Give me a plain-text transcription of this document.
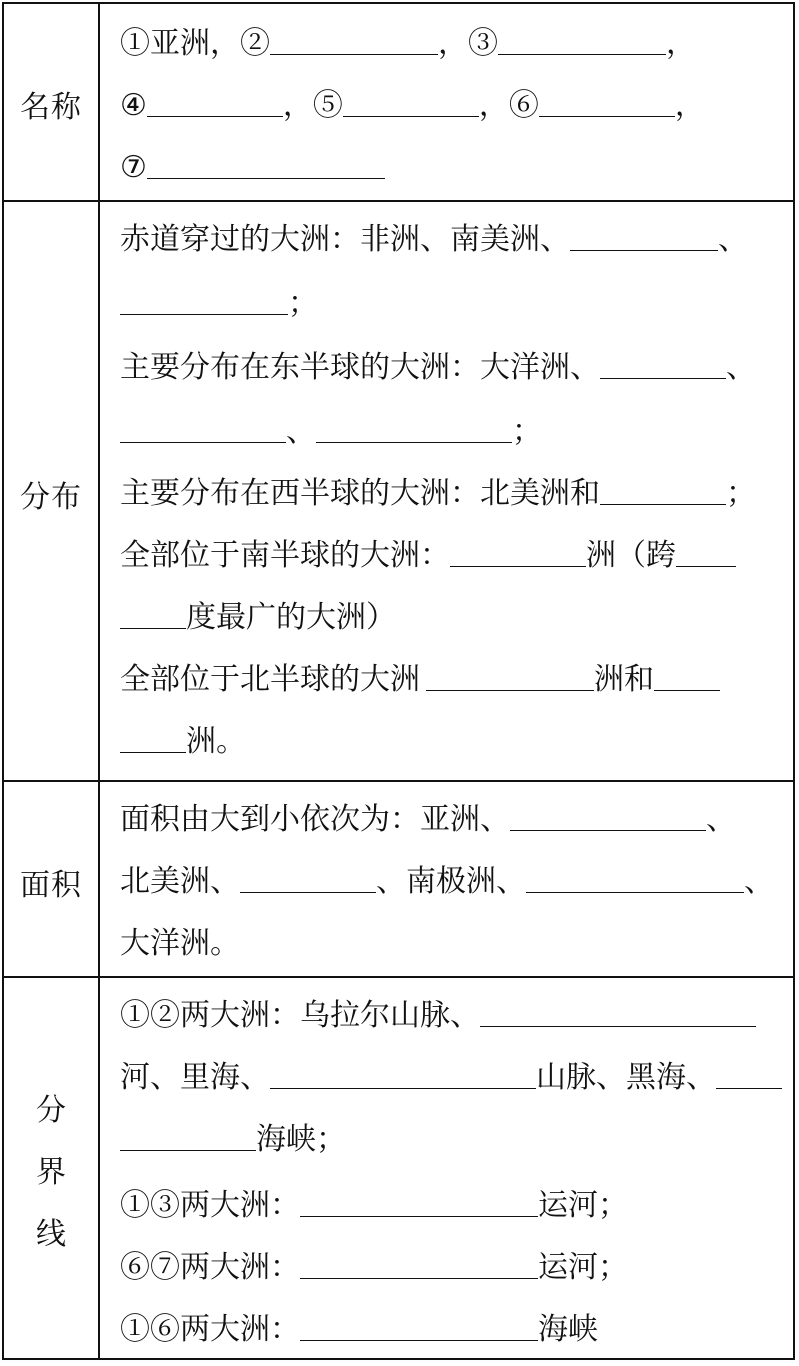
名称
①亚洲，②	，③	，
④	，⑤	，⑥	，
⑦
分布
赤道穿过的大洲：非洲、南美洲、	、
；
主要分布在东半球的大洲：大洋洲、	、
、	；
主要分布在西半球的大洲：北美洲和	；
全部位于南半球的大洲：	洲（跨
度最广的大洲）
全部位于北半球的大洲	洲和
洲。
面积
面积由大到小依次为：亚洲、	、
北美洲、	、南极洲、	、
大洋洲。
分
界
线
①②两大洲：乌拉尔山脉、
河、里海、	山脉、黑海、
海峡；
①③两大洲：	运河；
⑥⑦两大洲：	运河；
①⑥两大洲：	海峡
